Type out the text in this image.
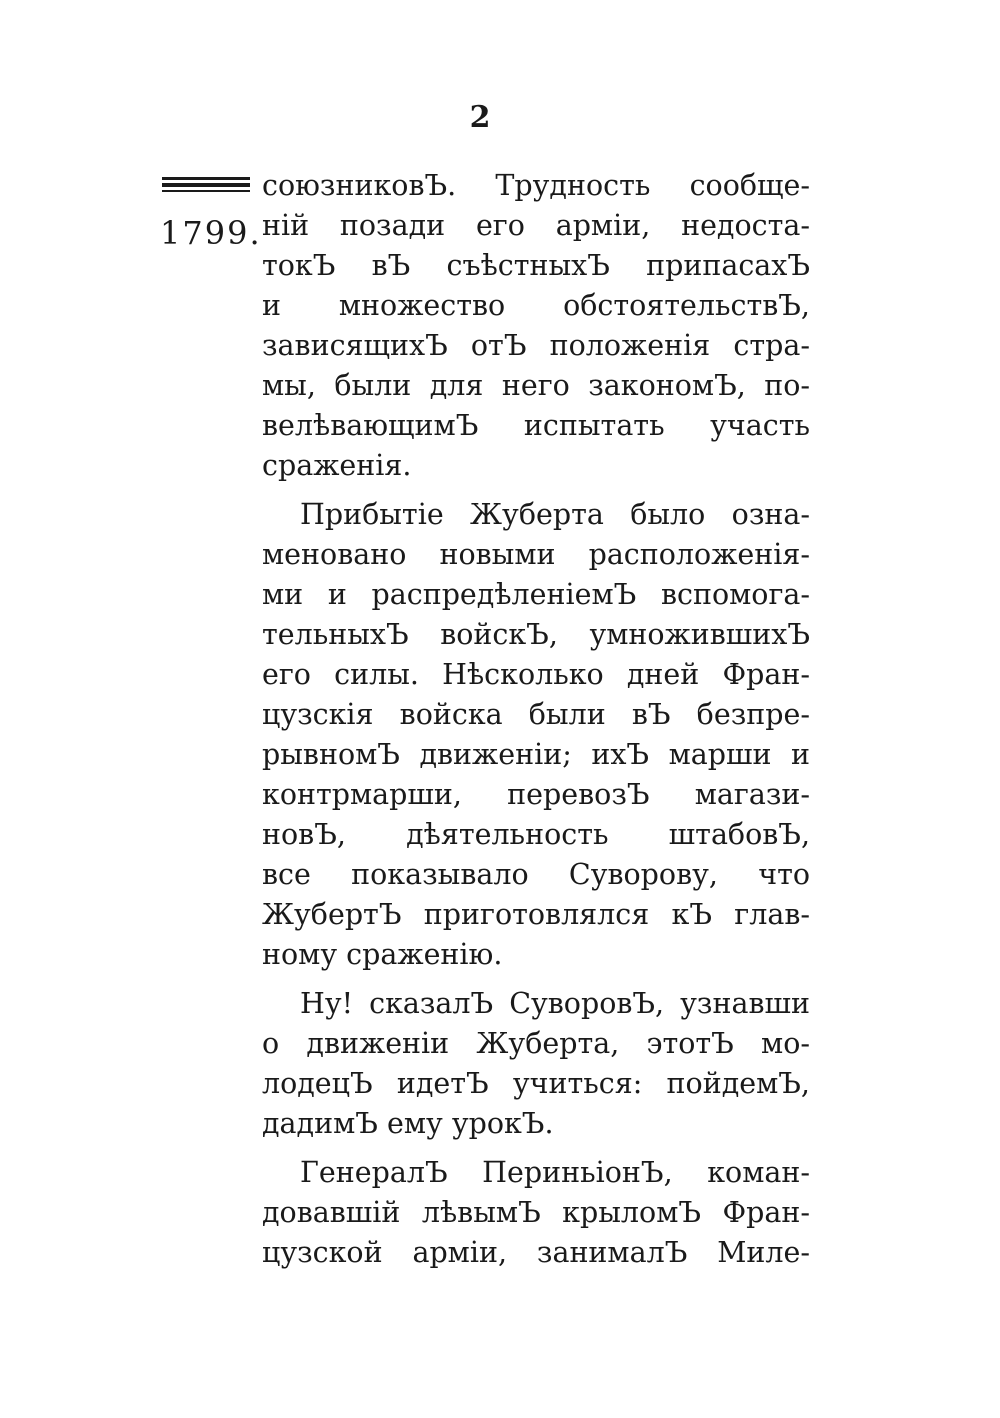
2
1799.
союзниковЪ. Трудность сообще-
ній позади его арміи, недоста-
токЪ вЪ съѣстныхЪ припасахЪ
и множество обстоятельствЪ,
зависящихЪ отЪ положенія стра-
мы, были для него закономЪ, по-
велѣвающимЪ испытать участь
сраженія.
Прибытіе Жуберта было озна-
меновано новыми расположенія-
ми и распредѣленіемЪ вспомога-
тельныхЪ войскЪ, умножившихЪ
его силы. Нѣсколько дней Фран-
цузскія войска были вЪ безпре-
рывномЪ движеніи; ихЪ марши и
контрмарши, перевозЪ магази-
новЪ, дѣятельность штабовЪ,
все показывало Суворову, что
ЖубертЪ приготовлялся кЪ глав-
ному сраженію.
Ну! сказалЪ СуворовЪ, узнавши
о движеніи Жуберта, этотЪ мо-
лодецЪ идетЪ учиться: пойдемЪ,
дадимЪ ему урокЪ.
ГенералЪ ПериньіонЪ, коман-
довавшій лѣвымЪ крыломЪ Фран-
цузской арміи, занималЪ Миле-
